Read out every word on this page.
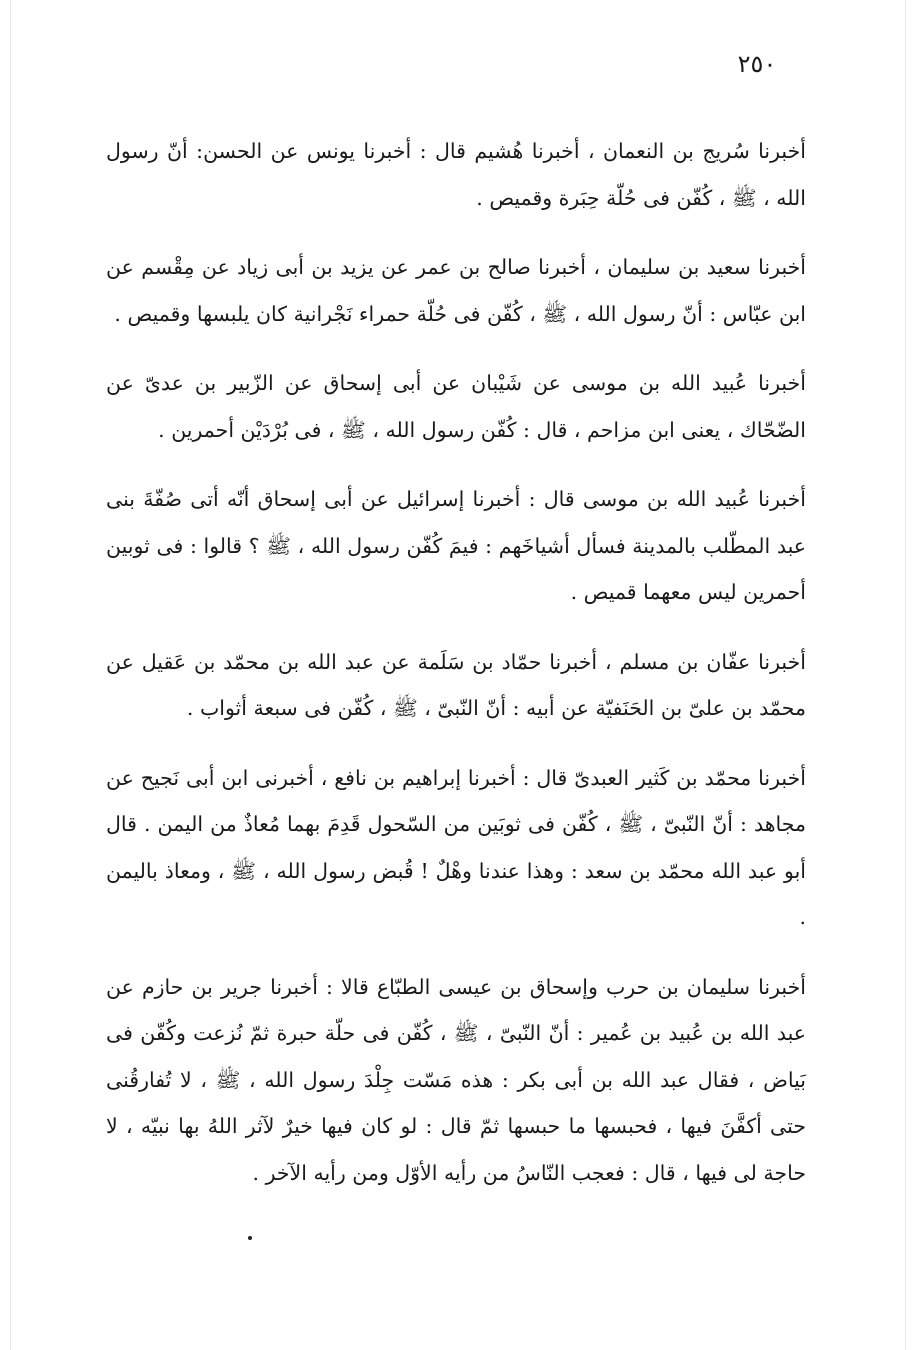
٢٥٠

أخبرنا سُريج بن النعمان ، أخبرنا هُشيم قال : أخبرنا يونس عن الحسن: أنّ رسول الله ، ﷺ ، كُفّن فى حُلّة حِبَرة وقميص .

أخبرنا سعيد بن سليمان ، أخبرنا صالح بن عمر عن يزيد بن أبى زياد عن مِقْسم عن ابن عبّاس : أنّ رسول الله ، ﷺ ، كُفّن فى حُلّة حمراء نَجْرانية كان يلبسها وقميص .

أخبرنا عُبيد الله بن موسى عن شَيْبان عن أبى إسحاق عن الزّبير بن عدىّ عن الضّحّاك ، يعنى ابن مزاحم ، قال : كُفّن رسول الله ، ﷺ ، فى بُرْدَيْن أحمرين .

أخبرنا عُبيد الله بن موسى قال : أخبرنا إسرائيل عن أبى إسحاق أنّه أتى صُفّةَ بنى عبد المطّلب بالمدينة فسأل أشياخَهم : فيمَ كُفّن رسول الله ، ﷺ ؟ قالوا : فى ثوبين أحمرين ليس معهما قميص .

أخبرنا عفّان بن مسلم ، أخبرنا حمّاد بن سَلَمة عن عبد الله بن محمّد بن عَقيل عن محمّد بن علىّ بن الحَنَفيّة عن أبيه : أنّ النّبىّ ، ﷺ ، كُفّن فى سبعة أثواب .

أخبرنا محمّد بن كَثير العبدىّ قال : أخبرنا إبراهيم بن نافع ، أخبرنى ابن أبى نَجيح عن مجاهد : أنّ النّبىّ ، ﷺ ، كُفّن فى ثوبَين من السّحول قَدِمَ بهما مُعاذٌ من اليمن . قال أبو عبد الله محمّد بن سعد : وهذا عندنا وهْلٌ ! قُبض رسول الله ، ﷺ ، ومعاذ باليمن .

أخبرنا سليمان بن حرب وإسحاق بن عيسى الطبّاع قالا : أخبرنا جرير بن حازم عن عبد الله بن عُبيد بن عُمير : أنّ النّبىّ ، ﷺ ، كُفّن فى حلّة حبرة ثمّ نُزعت وكُفّن فى بَياض ، فقال عبد الله بن أبى بكر : هذه مَسّت جِلْدَ رسول الله ، ﷺ ، لا تُفارقُنى حتى أكفَّنَ فيها ، فحبسها ما حبسها ثمّ قال : لو كان فيها خيرٌ لآثر اللهُ بها نبيّه ، لا حاجة لى فيها ، قال : فعجب النّاسُ من رأيه الأوّل ومن رأيه الآخر .
